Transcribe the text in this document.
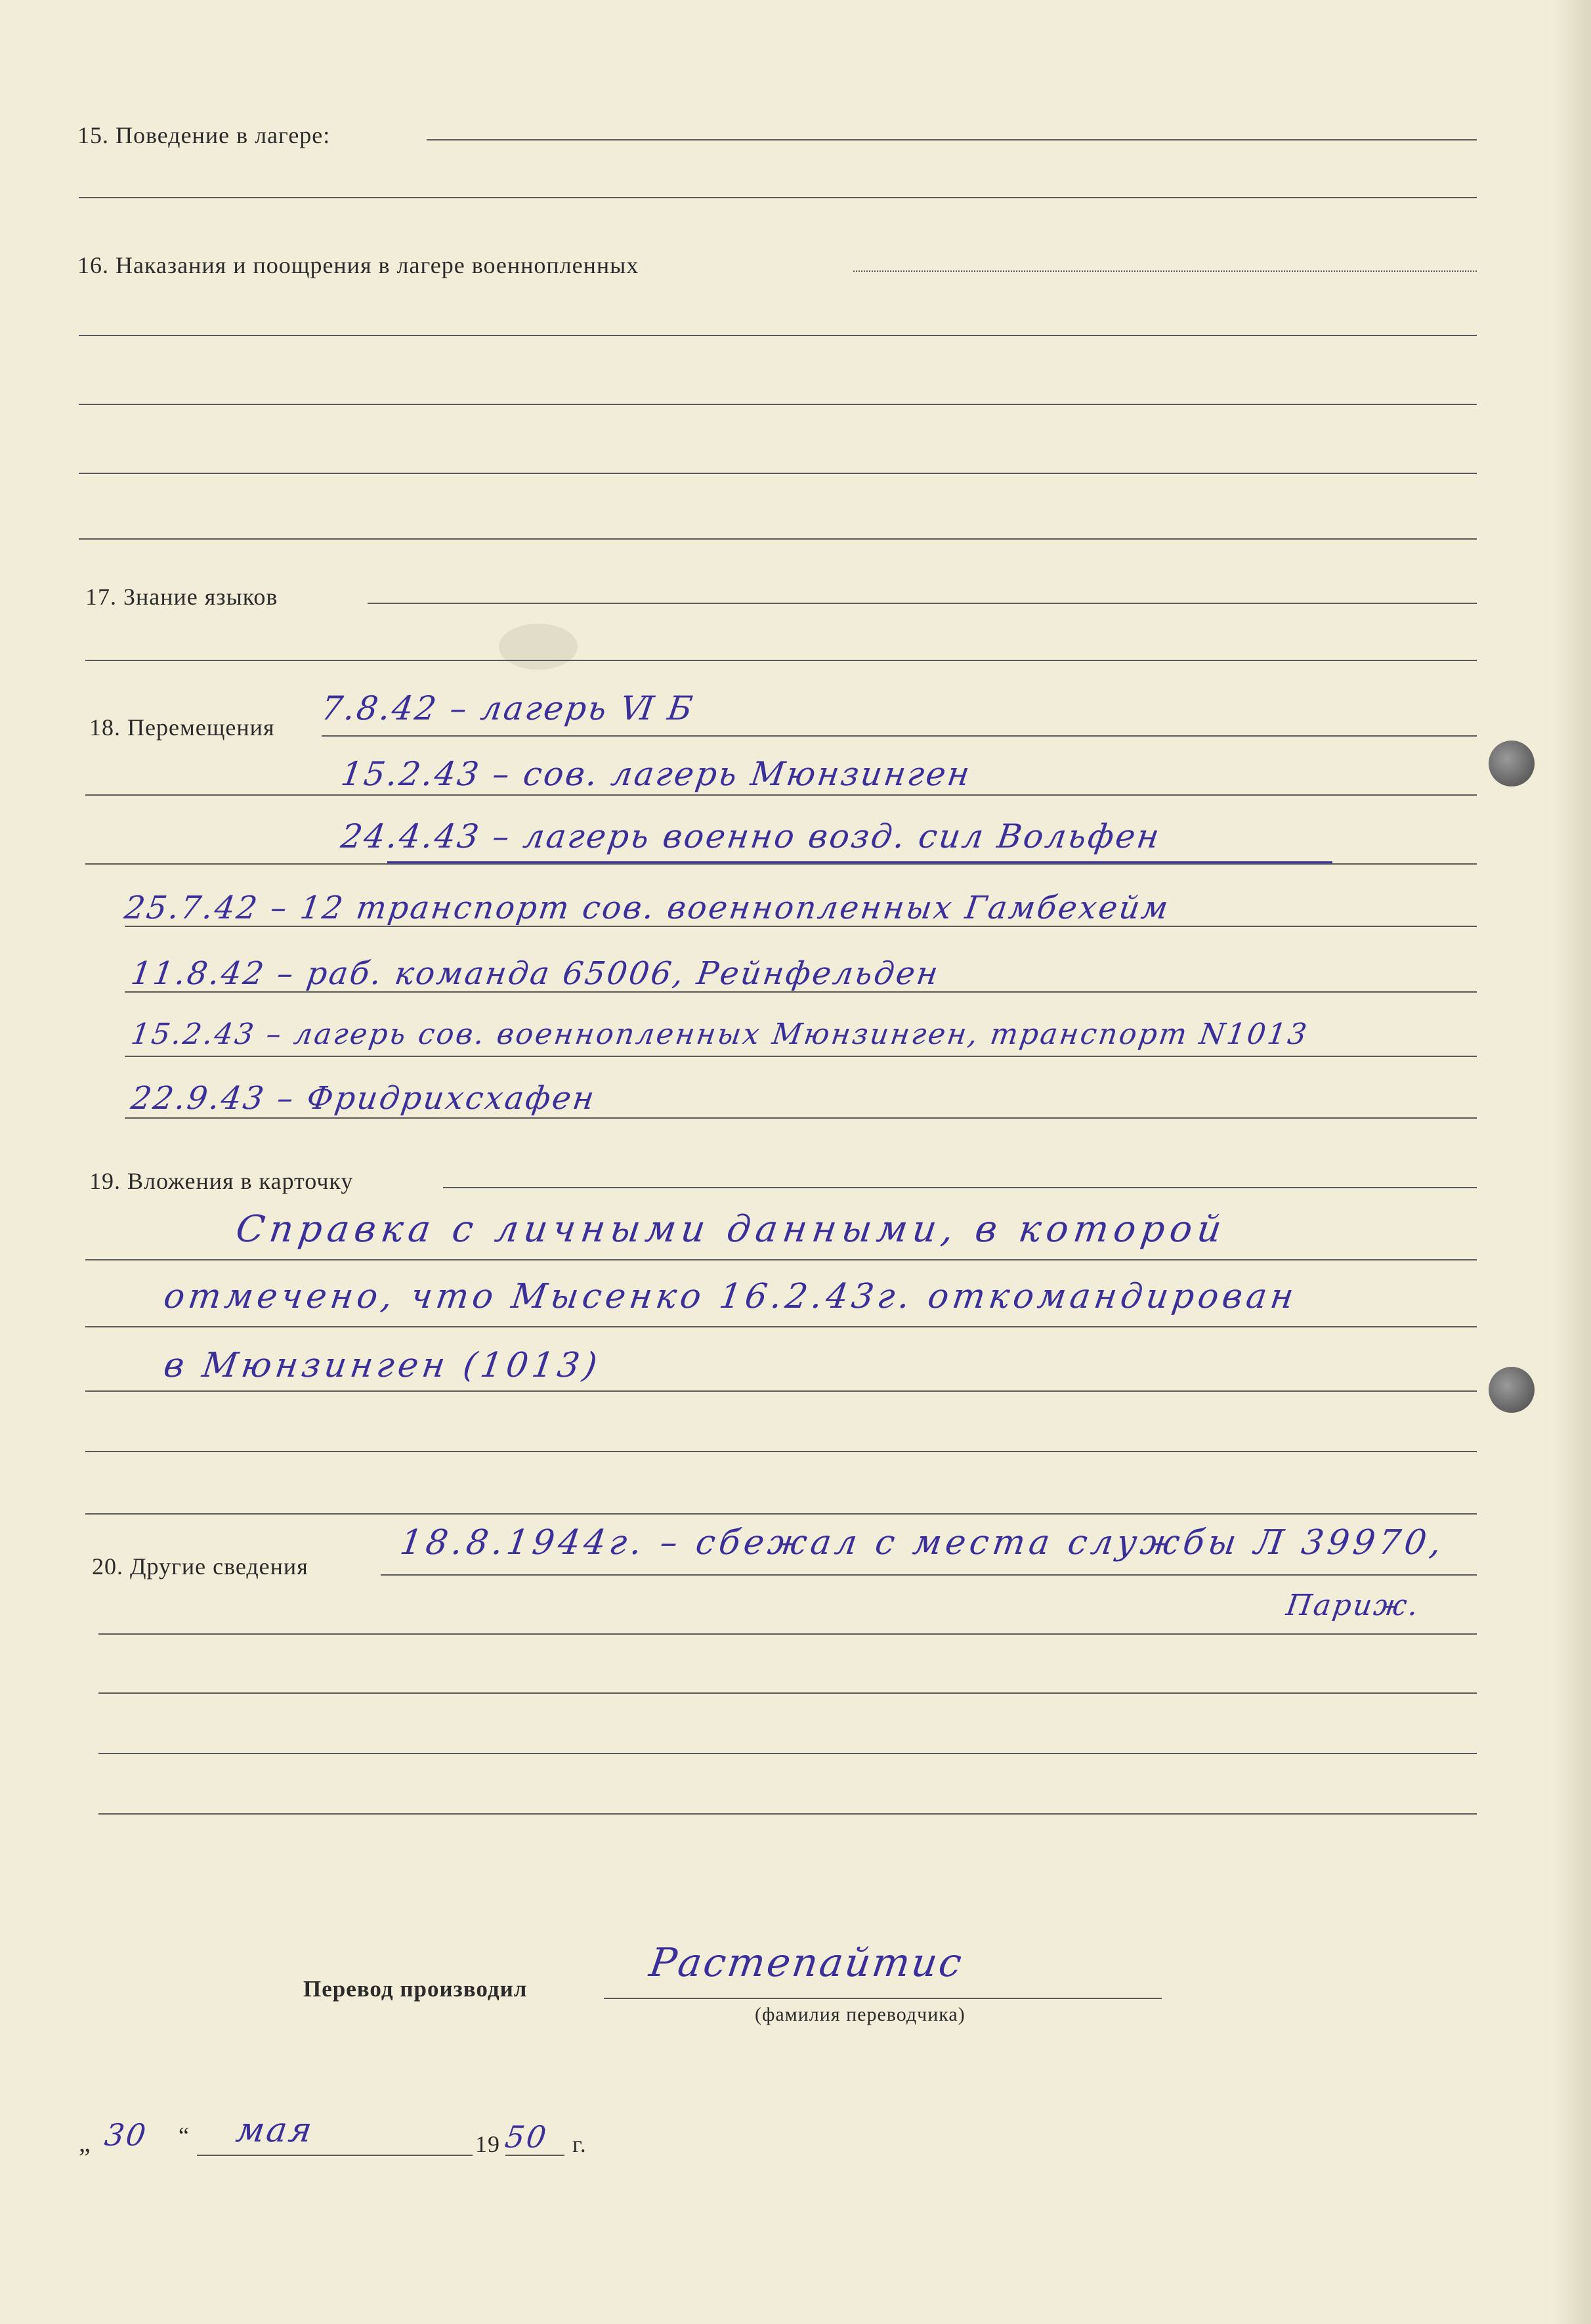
15. Поведение в лагере:
16. Наказания и поощрения в лагере военнопленных
17. Знание языков
18. Перемещения 7.8.42 – лагерь Ⅵ Б
15.2.43 – сов. лагерь Мюнзинген
24.4.43 – лагерь военно возд. сил Вольфен
25.7.42 – 12 транспорт сов. военнопленных Гамбехейм
11.8.42 – раб. команда 65006, Рейнфельден
15.2.43 – лагерь сов. военнопленных Мюнзинген, транспорт N1013
22.9.43 – Фридрихсхафен
19. Вложения в карточку
Справка с личными данными, в которой
отмечено, что Мысенко 16.2.43г. откомандирован
в Мюнзинген (1013)
20. Другие сведения
18.8.1944г. – сбежал с места службы Л 39970,
Париж.
Перевод производил
Растепайтис
(фамилия переводчика)
„ 30 “ мая	19 50 г.
